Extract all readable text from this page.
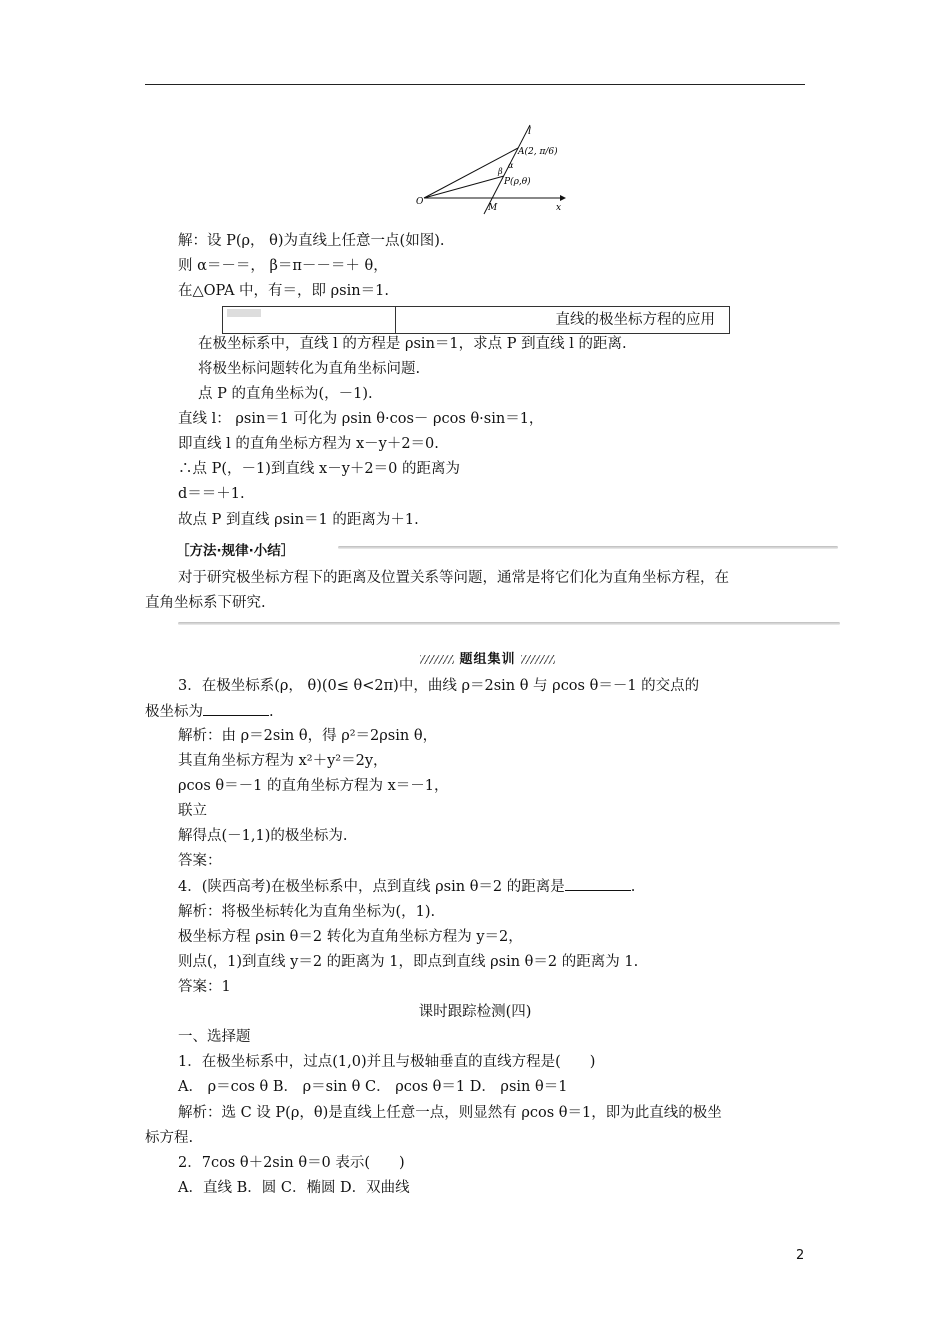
l
A(2, π/6)
α
β
P(ρ,θ)
O
M	x
解：设 P(ρ， θ)为直线上任意一点(如图).
则 α＝－＝， β＝π－－＝＋ θ，
在△OPA 中，有＝，即 ρsin＝1.
直线的极坐标方程的应用
在极坐标系中，直线 l 的方程是 ρsin＝1，求点 P 到直线 l 的距离.
将极坐标问题转化为直角坐标问题.
点 P 的直角坐标为(，－1).
直线 l： ρsin＝1 可化为 ρsin θ·cos－ ρcos θ·sin＝1，
即直线 l 的直角坐标方程为 x－y＋2＝0.
∴点 P(，－1)到直线 x－y＋2＝0 的距离为
d＝＝＋1.
故点 P 到直线 ρsin＝1 的距离为＋1.
［方法·规律·小结］
对于研究极坐标方程下的距离及位置关系等问题，通常是将它们化为直角坐标方程，在
直角坐标系下研究.
题组集训
3．在极坐标系(ρ， θ)(0≤ θ<2π)中，曲线 ρ＝2sin θ 与 ρcos θ＝－1 的交点的
极坐标为	.
解析：由 ρ＝2sin θ，得 ρ²＝2ρsin θ，
其直角坐标方程为 x²＋y²＝2y，
ρcos θ＝－1 的直角坐标方程为 x＝－1，
联立
解得点(－1,1)的极坐标为.
答案：
4．(陕西高考)在极坐标系中，点到直线 ρsin θ＝2 的距离是	.
解析：将极坐标转化为直角坐标为(，1).
极坐标方程 ρsin θ＝2 转化为直角坐标方程为 y＝2，
则点(，1)到直线 y＝2 的距离为 1，即点到直线 ρsin θ＝2 的距离为 1.
答案：1
课时跟踪检测(四)
一、选择题
1．在极坐标系中，过点(1,0)并且与极轴垂直的直线方程是(　　)
A． ρ＝cos θ B． ρ＝sin θ C． ρcos θ＝1 D． ρsin θ＝1
解析：选 C 设 P(ρ，θ)是直线上任意一点，则显然有 ρcos θ＝1，即为此直线的极坐
标方程.
2．7cos θ＋2sin θ＝0 表示(　　)
A．直线 B．圆 C．椭圆 D．双曲线
2
